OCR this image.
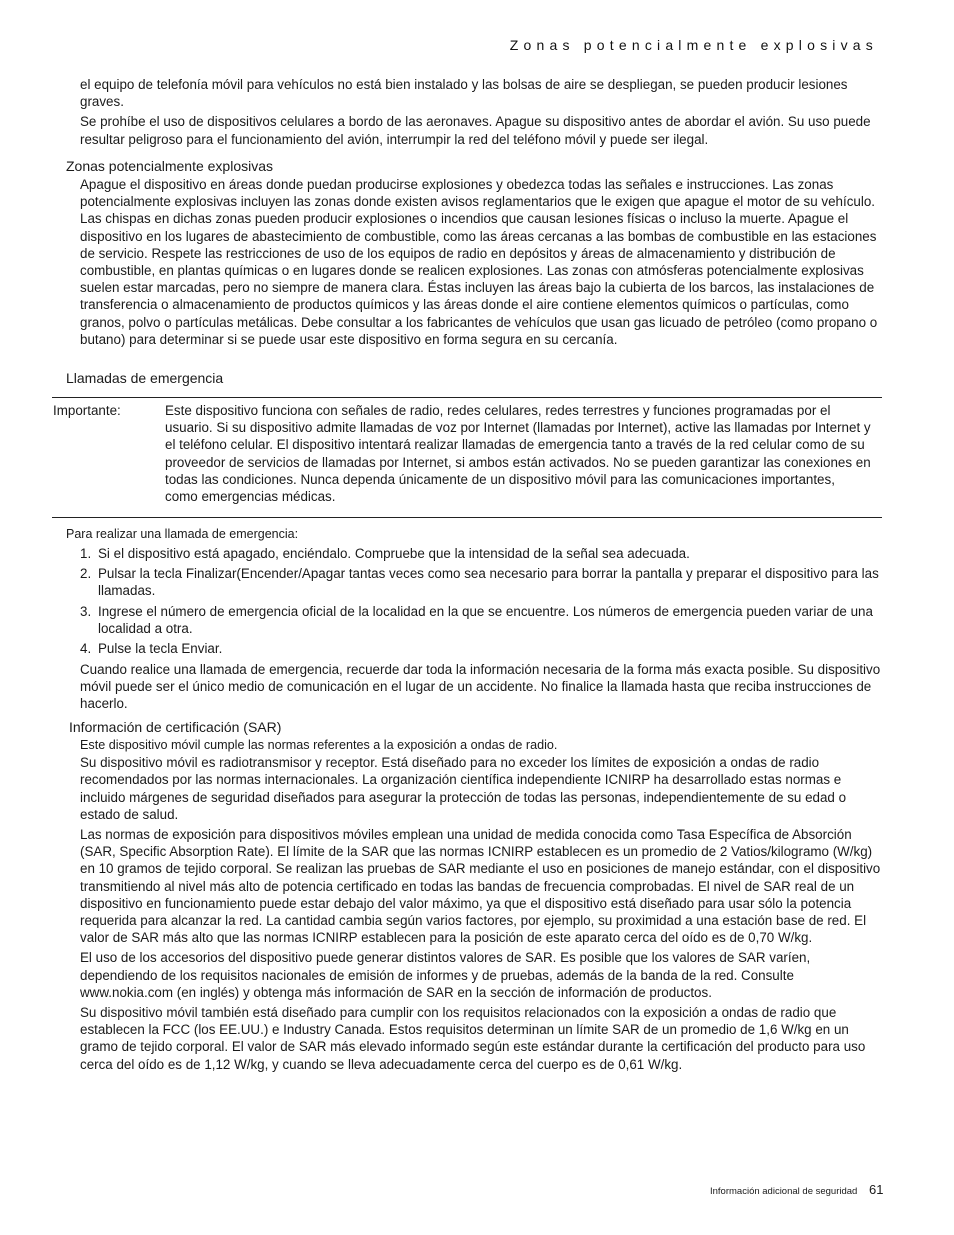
Zonas potencialmente explosivas

el equipo de telefonía móvil para vehículos no está bien instalado y las bolsas de aire se despliegan, se pueden producir lesiones graves.

Se prohíbe el uso de dispositivos celulares a bordo de las aeronaves. Apague su dispositivo antes de abordar el avión. Su uso puede resultar peligroso para el funcionamiento del avión, interrumpir la red del teléfono móvil y puede ser ilegal.

Zonas potencialmente explosivas

Apague el dispositivo en áreas donde puedan producirse explosiones y obedezca todas las señales e instrucciones. Las zonas potencialmente explosivas incluyen las zonas donde existen avisos reglamentarios que le exigen que apague el motor de su vehículo. Las chispas en dichas zonas pueden producir explosiones o incendios que causan lesiones físicas o incluso la muerte. Apague el dispositivo en los lugares de abastecimiento de combustible, como las áreas cercanas a las bombas de combustible en las estaciones de servicio. Respete las restricciones de uso de los equipos de radio en depósitos y áreas de almacenamiento y distribución de combustible, en plantas químicas o en lugares donde se realicen explosiones. Las zonas con atmósferas potencialmente explosivas suelen estar marcadas, pero no siempre de manera clara. Éstas incluyen las áreas bajo la cubierta de los barcos, las instalaciones de transferencia o almacenamiento de productos químicos y las áreas donde el aire contiene elementos químicos o partículas, como granos, polvo o partículas metálicas. Debe consultar a los fabricantes de vehículos que usan gas licuado de petróleo (como propano o butano) para determinar si se puede usar este dispositivo en forma segura en su cercanía.

Llamadas de emergencia
Importante:	Este dispositivo funciona con señales de radio, redes celulares, redes terrestres y funciones programadas por el usuario. Si su dispositivo admite llamadas de voz por Internet (llamadas por Internet), active las llamadas por Internet y el teléfono celular. El dispositivo intentará realizar llamadas de emergencia tanto a través de la red celular como de su proveedor de servicios de llamadas por Internet, si ambos están activados. No se pueden garantizar las conexiones en todas las condiciones. Nunca dependa únicamente de un dispositivo móvil para las comunicaciones importantes, como emergencias médicas.
Para realizar una llamada de emergencia:
1. Si el dispositivo está apagado, enciéndalo. Compruebe que la intensidad de la señal sea adecuada.
2. Pulsar la tecla Finalizar(Encender/Apagar tantas veces como sea necesario para borrar la pantalla y preparar el dispositivo para las llamadas.
3. Ingrese el número de emergencia oficial de la localidad en la que se encuentre. Los números de emergencia pueden variar de una localidad a otra.
4. Pulse la tecla Enviar.

Cuando realice una llamada de emergencia, recuerde dar toda la información necesaria de la forma más exacta posible. Su dispositivo móvil puede ser el único medio de comunicación en el lugar de un accidente. No finalice la llamada hasta que reciba instrucciones de hacerlo.

Información de certificación (SAR)

Este dispositivo móvil cumple las normas referentes a la exposición a ondas de radio.

Su dispositivo móvil es radiotransmisor y receptor. Está diseñado para no exceder los límites de exposición a ondas de radio recomendados por las normas internacionales. La organización científica independiente ICNIRP ha desarrollado estas normas e incluido márgenes de seguridad diseñados para asegurar la protección de todas las personas, independientemente de su edad o estado de salud.

Las normas de exposición para dispositivos móviles emplean una unidad de medida conocida como Tasa Específica de Absorción (SAR, Specific Absorption Rate). El límite de la SAR que las normas ICNIRP establecen es un promedio de 2 Vatios/kilogramo (W/kg) en 10 gramos de tejido corporal. Se realizan las pruebas de SAR mediante el uso en posiciones de manejo estándar, con el dispositivo transmitiendo al nivel más alto de potencia certificado en todas las bandas de frecuencia comprobadas. El nivel de SAR real de un dispositivo en funcionamiento puede estar debajo del valor máximo, ya que el dispositivo está diseñado para usar sólo la potencia requerida para alcanzar la red. La cantidad cambia según varios factores, por ejemplo, su proximidad a una estación base de red. El valor de SAR más alto que las normas ICNIRP establecen para la posición de este aparato cerca del oído es de 0,70 W/kg.

El uso de los accesorios del dispositivo puede generar distintos valores de SAR. Es posible que los valores de SAR varíen, dependiendo de los requisitos nacionales de emisión de informes y de pruebas, además de la banda de la red. Consulte www.nokia.com (en inglés) y obtenga más información de SAR en la sección de información de productos.

Su dispositivo móvil también está diseñado para cumplir con los requisitos relacionados con la exposición a ondas de radio que establecen la FCC (los EE.UU.) e Industry Canada. Estos requisitos determinan un límite SAR de un promedio de 1,6 W/kg en un gramo de tejido corporal. El valor de SAR más elevado informado según este estándar durante la certificación del producto para uso cerca del oído es de 1,12 W/kg, y cuando se lleva adecuadamente cerca del cuerpo es de 0,61 W/kg.

Información adicional de seguridad 61
